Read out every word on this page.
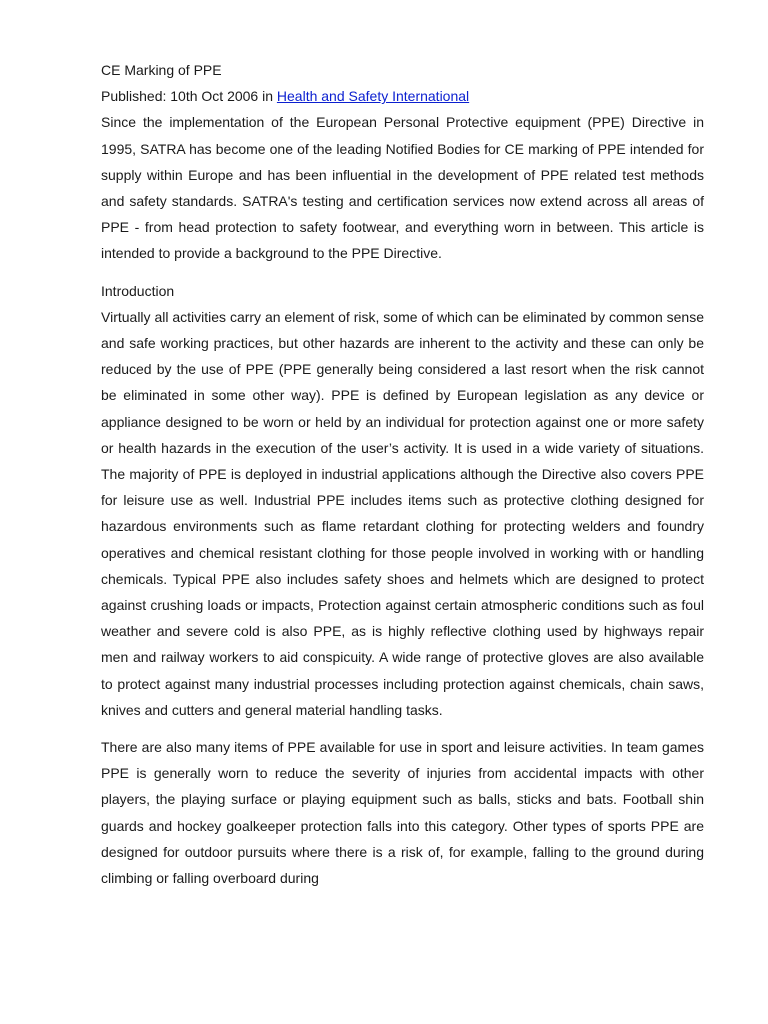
CE Marking of PPE

Published: 10th Oct 2006 in Health and Safety International

Since the implementation of the European Personal Protective equipment (PPE) Directive in 1995, SATRA has become one of the leading Notified Bodies for CE marking of PPE intended for supply within Europe and has been influential in the development of PPE related test methods and safety standards. SATRA's testing and certification services now extend across all areas of PPE - from head protection to safety footwear, and everything worn in between. This article is intended to provide a background to the PPE Directive.

Introduction

Virtually all activities carry an element of risk, some of which can be eliminated by common sense and safe working practices, but other hazards are inherent to the activity and these can only be reduced by the use of PPE (PPE generally being considered a last resort when the risk cannot be eliminated in some other way). PPE is defined by European legislation as any device or appliance designed to be worn or held by an individual for protection against one or more safety or health hazards in the execution of the user’s activity. It is used in a wide variety of situations. The majority of PPE is deployed in industrial applications although the Directive also covers PPE for leisure use as well. Industrial PPE includes items such as protective clothing designed for hazardous environments such as flame retardant clothing for protecting welders and foundry operatives and chemical resistant clothing for those people involved in working with or handling chemicals. Typical PPE also includes safety shoes and helmets which are designed to protect against crushing loads or impacts, Protection against certain atmospheric conditions such as foul weather and severe cold is also PPE, as is highly reflective clothing used by highways repair men and railway workers to aid conspicuity. A wide range of protective gloves are also available to protect against many industrial processes including protection against chemicals, chain saws, knives and cutters and general material handling tasks.

There are also many items of PPE available for use in sport and leisure activities. In team games PPE is generally worn to reduce the severity of injuries from accidental impacts with other players, the playing surface or playing equipment such as balls, sticks and bats. Football shin guards and hockey goalkeeper protection falls into this category. Other types of sports PPE are designed for outdoor pursuits where there is a risk of, for example, falling to the ground during climbing or falling overboard during
